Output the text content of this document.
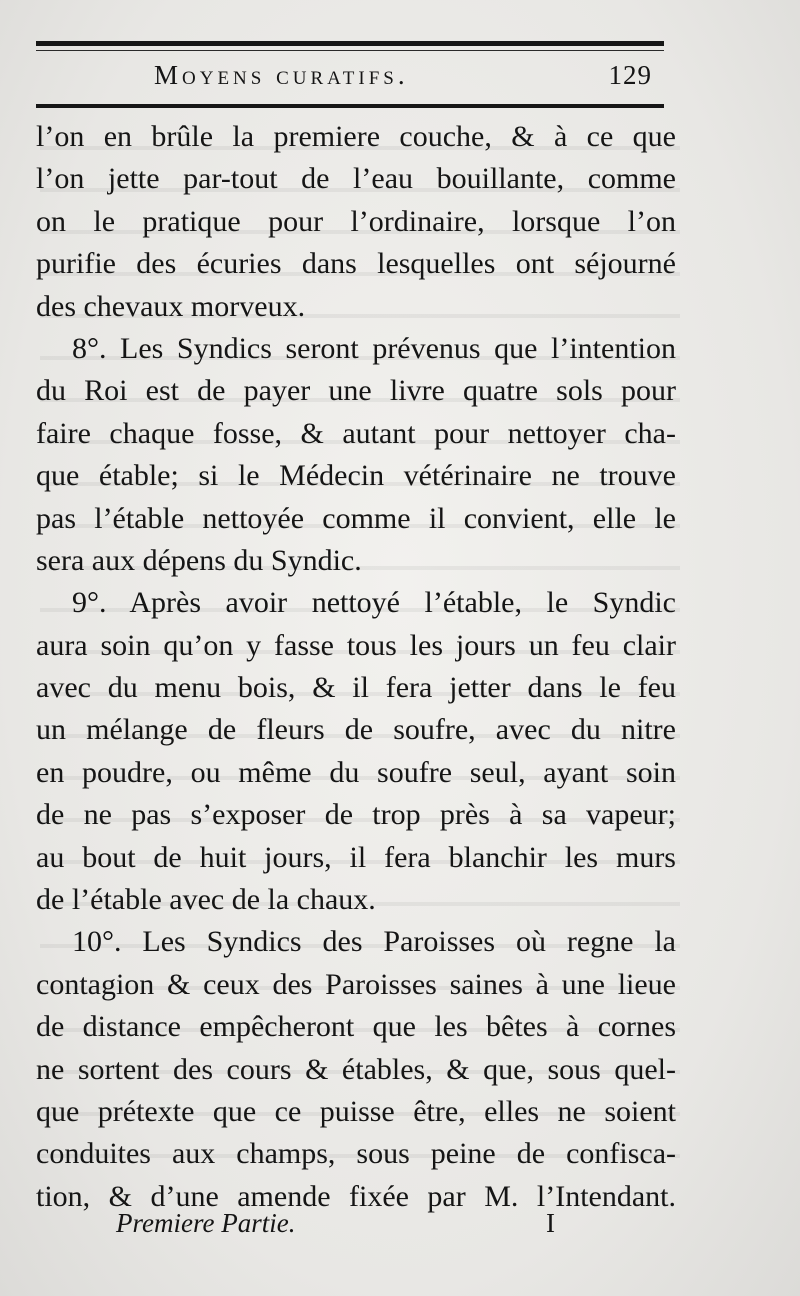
Moyens curatifs.	129
l’on en brûle la premiere couche, & à ce que
l’on jette par-tout de l’eau bouillante, comme
on le pratique pour l’ordinaire, lorsque l’on
purifie des écuries dans lesquelles ont séjourné
des chevaux morveux.
8°. Les Syndics seront prévenus que l’intention
du Roi est de payer une livre quatre sols pour
faire chaque fosse, & autant pour nettoyer cha-
que étable; si le Médecin vétérinaire ne trouve
pas l’étable nettoyée comme il convient, elle le
sera aux dépens du Syndic.
9°. Après avoir nettoyé l’étable, le Syndic
aura soin qu’on y fasse tous les jours un feu clair
avec du menu bois, & il fera jetter dans le feu
un mélange de fleurs de soufre, avec du nitre
en poudre, ou même du soufre seul, ayant soin
de ne pas s’exposer de trop près à sa vapeur;
au bout de huit jours, il fera blanchir les murs
de l’étable avec de la chaux.
10°. Les Syndics des Paroisses où regne la
contagion & ceux des Paroisses saines à une lieue
de distance empêcheront que les bêtes à cornes
ne sortent des cours & étables, & que, sous quel-
que prétexte que ce puisse être, elles ne soient
conduites aux champs, sous peine de confisca-
tion, & d’une amende fixée par M. l’Intendant.
Premiere Partie.	I
